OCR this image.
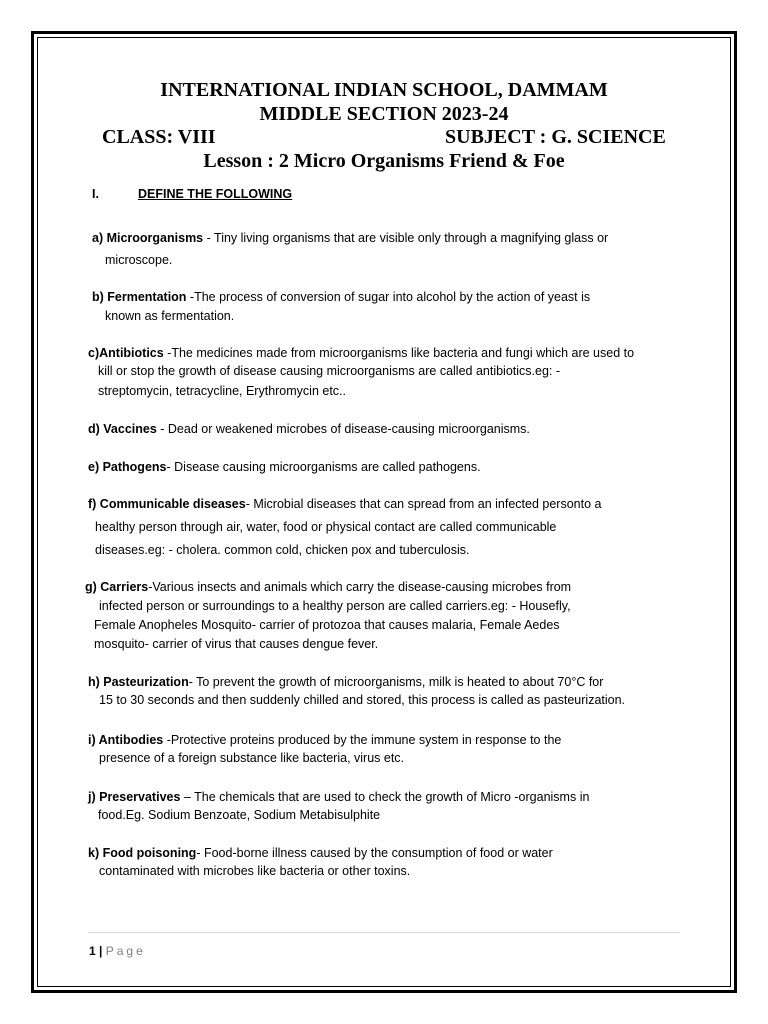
INTERNATIONAL INDIAN SCHOOL, DAMMAM
MIDDLE SECTION 2023-24
CLASS: VIII	SUBJECT : G. SCIENCE
Lesson : 2 Micro Organisms Friend & Foe
I.	DEFINE THE FOLLOWING
a) Microorganisms - Tiny living organisms that are visible only through a magnifying glass or
microscope.
b) Fermentation -The process of conversion of sugar into alcohol by the action of yeast is
known as fermentation.
c)Antibiotics -The medicines made from microorganisms like bacteria and fungi which are used to
kill or stop the growth of disease causing microorganisms are called antibiotics.eg: -
streptomycin, tetracycline, Erythromycin etc..
d) Vaccines - Dead or weakened microbes of disease-causing microorganisms.
e) Pathogens- Disease causing microorganisms are called pathogens.
f) Communicable diseases- Microbial diseases that can spread from an infected personto a
healthy person through air, water, food or physical contact are called communicable
diseases.eg: - cholera. common cold, chicken pox and tuberculosis.
g) Carriers-Various insects and animals which carry the disease-causing microbes from
infected person or surroundings to a healthy person are called carriers.eg: - Housefly,
Female Anopheles Mosquito- carrier of protozoa that causes malaria, Female Aedes
mosquito- carrier of virus that causes dengue fever.
h) Pasteurization- To prevent the growth of microorganisms, milk is heated to about 70°C for
15 to 30 seconds and then suddenly chilled and stored, this process is called as pasteurization.
i) Antibodies -Protective proteins produced by the immune system in response to the
presence of a foreign substance like bacteria, virus etc.
j) Preservatives – The chemicals that are used to check the growth of Micro -organisms in
food.Eg. Sodium Benzoate, Sodium Metabisulphite
k) Food poisoning- Food-borne illness caused by the consumption of food or water
contaminated with microbes like bacteria or other toxins.
1 | Page
